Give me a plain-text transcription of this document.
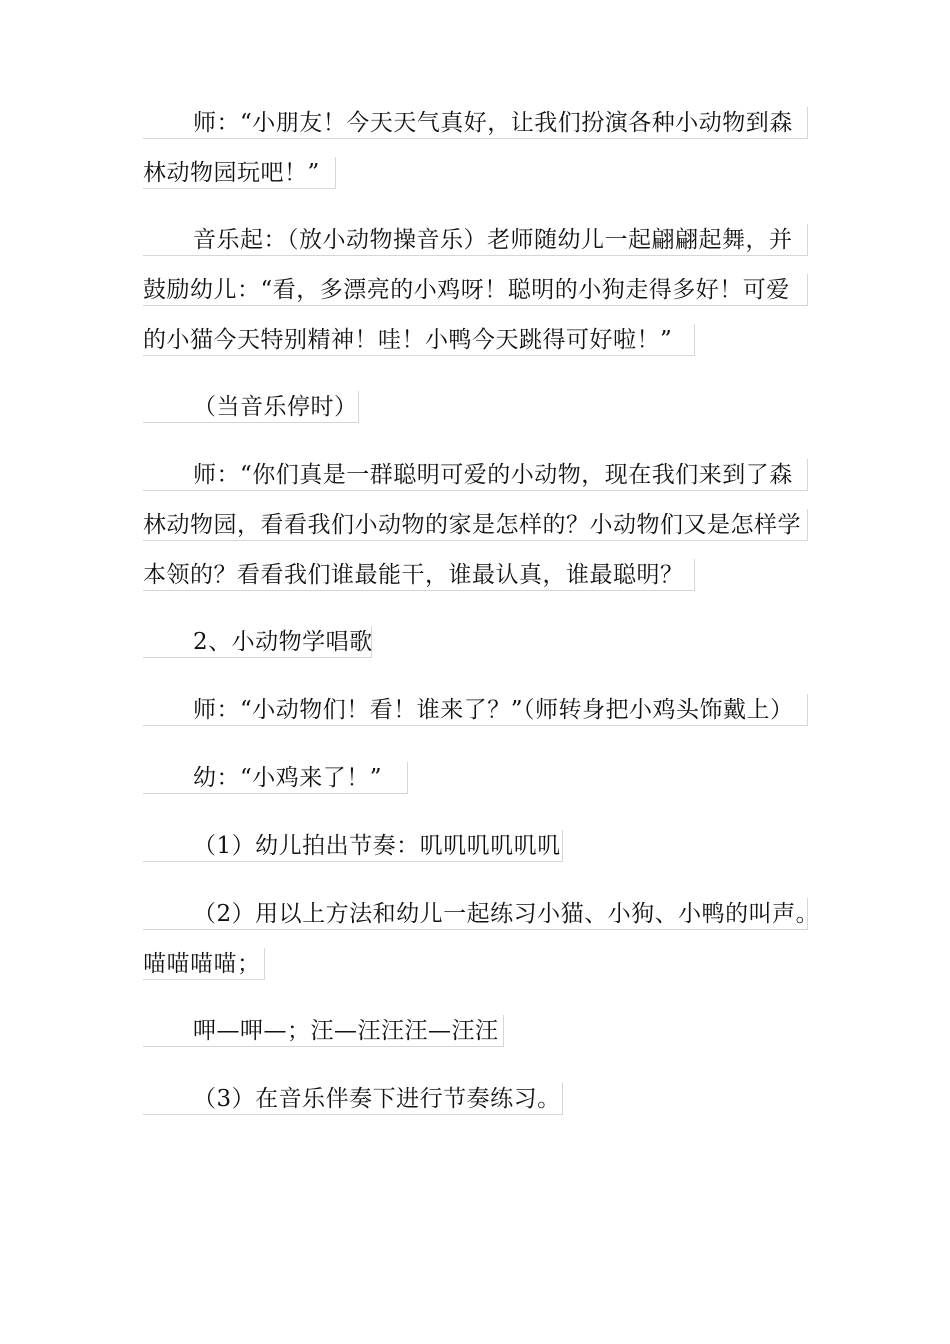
师：“小朋友！今天天气真好，让我们扮演各种小动物到森
林动物园玩吧！”
音乐起：（放小动物操音乐）老师随幼儿一起翩翩起舞，并
鼓励幼儿：“看，多漂亮的小鸡呀！聪明的小狗走得多好！可爱
的小猫今天特别精神！哇！小鸭今天跳得可好啦！”
（当音乐停时）
师：“你们真是一群聪明可爱的小动物，现在我们来到了森
林动物园，看看我们小动物的家是怎样的？小动物们又是怎样学
本领的？看看我们谁最能干，谁最认真，谁最聪明？
2、小动物学唱歌
师：“小动物们！看！谁来了？”（师转身把小鸡头饰戴上）
幼：“小鸡来了！”
（1）幼儿拍出节奏：叽叽叽叽叽叽
（2）用以上方法和幼儿一起练习小猫、小狗、小鸭的叫声。
喵喵喵喵；
呷—呷—；汪—汪汪汪—汪汪
（3）在音乐伴奏下进行节奏练习。
